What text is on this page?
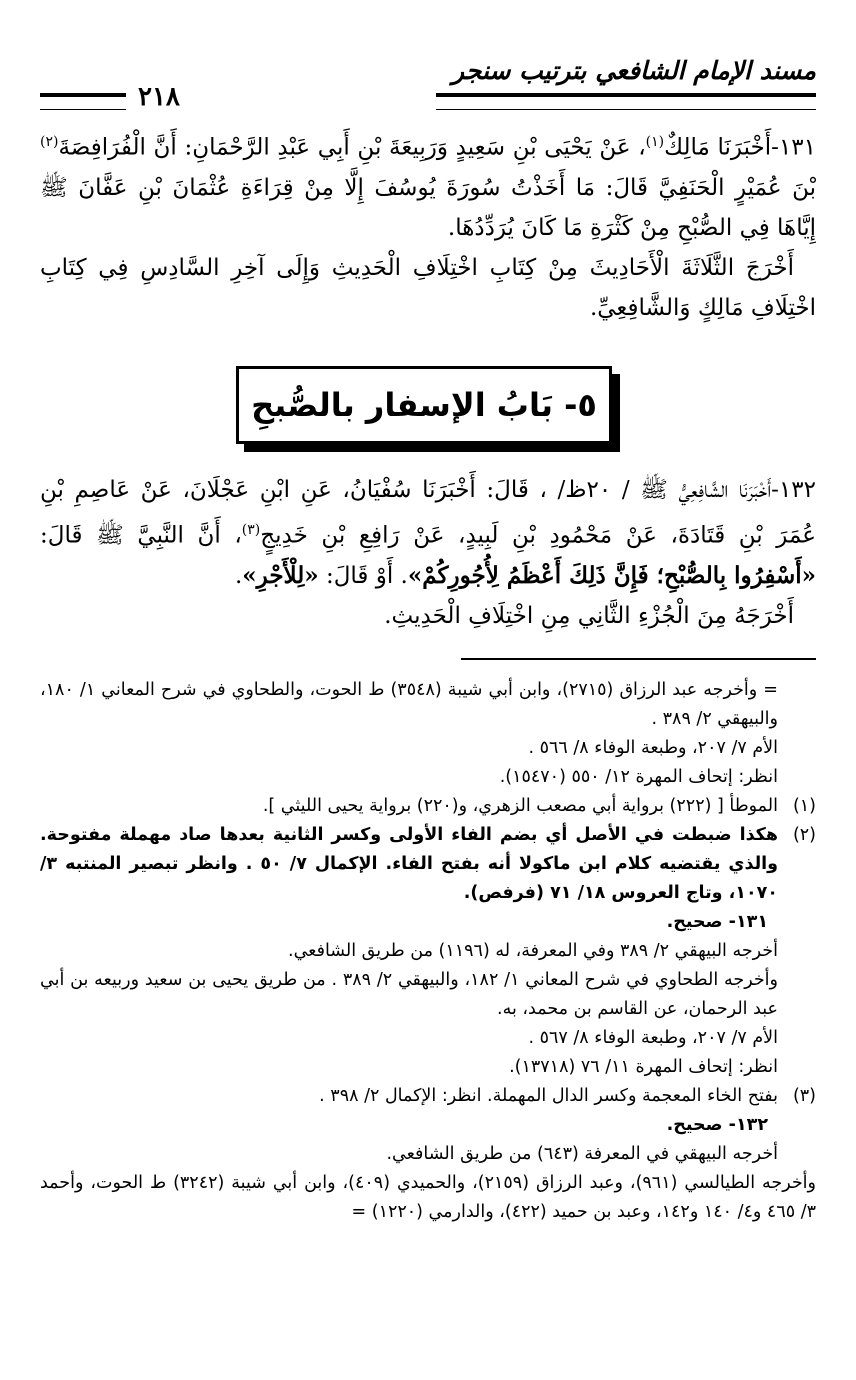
مسند الإمام الشافعي بترتيب سنجر
٢١٨

١٣١-أَخْبَرَنَا مَالِكٌ$^{(١)}$، عَنْ يَحْيَى بْنِ سَعِيدٍ وَرَبِيعَةَ بْنِ أَبِي عَبْدِ الرَّحْمَانِ: أَنَّ الْفُرَافِصَةَ$^{(٢)}$ بْنَ عُمَيْرٍ الْحَنَفِيَّ قَالَ: مَا أَخَذْتُ سُورَةَ يُوسُفَ إِلَّا مِنْ قِرَاءَةِ عُثْمَانَ بْنِ عَفَّانَ ﷺ إِيَّاهَا فِي الصُّبْحِ مِنْ كَثْرَةِ مَا كَانَ يُرَدِّدُهَا.

أَخْرَجَ الثَّلَاثَةَ الْأَحَادِيثَ مِنْ كِتَابِ اخْتِلَافِ الْحَدِيثِ وَإِلَى آخِرِ السَّادِسِ فِي كِتَابِ اخْتِلَافِ مَالِكٍ وَالشَّافِعِيِّ.

٥- بَابُ الإسفار بالصُّبحِ

١٣٢-أَخْبَرَنَا الشَّافِعِيُّ ﷺ / ٢٠ظ/ ، قَالَ: أَخْبَرَنَا سُفْيَانُ، عَنِ ابْنِ عَجْلَانَ، عَنْ عَاصِمِ بْنِ عُمَرَ بْنِ قَتَادَةَ، عَنْ مَحْمُودِ بْنِ لَبِيدٍ، عَنْ رَافِعِ بْنِ خَدِيجٍ$^{(٣)}$، أَنَّ النَّبِيَّ ﷺ قَالَ: «أَسْفِرُوا بِالصُّبْحِ؛ فَإِنَّ ذَلِكَ أَعْظَمُ لِأُجُورِكُمْ». أَوْ قَالَ: «لِلْأَجْرِ».

أَخْرَجَهُ مِنَ الْجُزْءِ الثَّانِي مِنِ اخْتِلَافِ الْحَدِيثِ.

= وأخرجه عبد الرزاق (٢٧١٥)، وابن أبي شيبة (٣٥٤٨) ط الحوت، والطحاوي في شرح المعاني ١/ ١٨٠، والبيهقي ٢/ ٣٨٩ .

الأم ٧/ ٢٠٧، وطبعة الوفاء ٨/ ٥٦٦ .

انظر: إتحاف المهرة ١٢/ ٥٥٠ (١٥٤٧٠).

(١)
الموطأ [ (٢٢٢) برواية أبي مصعب الزهري، و(٢٢٠) برواية يحيى الليثي ].
(٢)

هكذا ضبطت في الأصل أي بضم الفاء الأولى وكسر الثانية بعدها صاد مهملة مفتوحة. والذي يقتضيه كلام ابن ماكولا أنه بفتح الفاء. الإكمال ٧/ ٥٠ . وانظر تبصير المنتبه ٣/ ١٠٧٠، وتاج العروس ١٨/ ٧١ (فرفص).

١٣١- صحيح.

أخرجه البيهقي ٢/ ٣٨٩ وفي المعرفة، له (١١٩٦) من طريق الشافعي.

وأخرجه الطحاوي في شرح المعاني ١/ ١٨٢، والبيهقي ٢/ ٣٨٩ . من طريق يحيى بن سعيد وربيعه بن أبي عبد الرحمان، عن القاسم بن محمد، به.

الأم ٧/ ٢٠٧، وطبعة الوفاء ٨/ ٥٦٧ .

انظر: إتحاف المهرة ١١/ ٧٦ (١٣٧١٨).

(٣)

بفتح الخاء المعجمة وكسر الدال المهملة. انظر: الإكمال ٢/ ٣٩٨ .

١٣٢- صحيح.

أخرجه البيهقي في المعرفة (٦٤٣) من طريق الشافعي.

وأخرجه الطيالسي (٩٦١)، وعبد الرزاق (٢١٥٩)، والحميدي (٤٠٩)، وابن أبي شيبة (٣٢٤٢) ط الحوت، وأحمد ٣/ ٤٦٥ و٤/ ١٤٠ و١٤٢، وعبد بن حميد (٤٢٢)، والدارمي (١٢٢٠) =
